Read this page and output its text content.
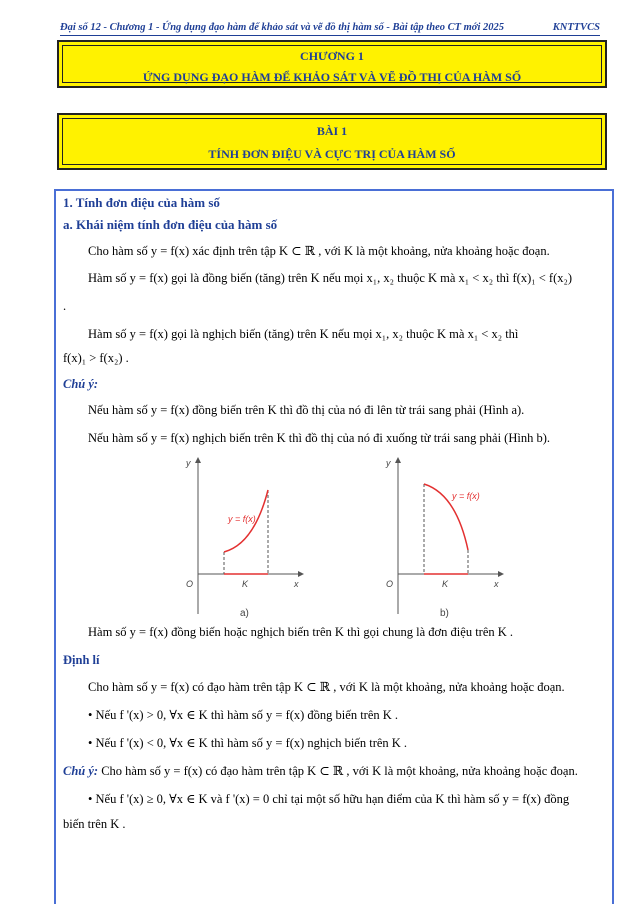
Đại số 12 - Chương 1 - Ứng dụng đạo hàm để khảo sát và vẽ đồ thị hàm số - Bài tập theo CT mới 2025	KNTTVCS
CHƯƠNG 1
ỨNG DỤNG ĐẠO HÀM ĐỂ KHẢO SÁT VÀ VẼ ĐỒ THỊ CỦA HÀM SỐ
BÀI 1
TÍNH ĐƠN ĐIỆU VÀ CỰC TRỊ CỦA HÀM SỐ
1. Tính đơn điệu của hàm số
a. Khái niệm tính đơn điệu của hàm số
Cho hàm số y = f(x) xác định trên tập K ⊂ ℝ , với K là một khoảng, nửa khoảng hoặc đoạn.
Hàm số y = f(x) gọi là đồng biến (tăng) trên K nếu mọi x₁, x₂ thuộc K mà x₁ < x₂ thì f(x)₁ < f(x₂)
.
Hàm số y = f(x) gọi là nghịch biến (tăng) trên K nếu mọi x₁, x₂ thuộc K mà x₁ < x₂ thì
f(x)₁ > f(x₂) .
Chú ý:
Nếu hàm số y = f(x) đồng biến trên K thì đồ thị của nó đi lên từ trái sang phải (Hình a).
Nếu hàm số y = f(x) nghịch biến trên K thì đồ thị của nó đi xuống từ trái sang phải (Hình b).
y = f(x)
y
x
O	K
a)
y = f(x)
y
x
O	K
b)
Hàm số y = f(x) đồng biến hoặc nghịch biến trên K thì gọi chung là đơn điệu trên K .
Định lí
Cho hàm số y = f(x) có đạo hàm trên tập K ⊂ ℝ , với K là một khoảng, nửa khoảng hoặc đoạn.
• Nếu f '(x) > 0, ∀x ∈ K thì hàm số y = f(x) đồng biến trên K .
• Nếu f '(x) < 0, ∀x ∈ K thì hàm số y = f(x) nghịch biến trên K .
Chú ý: Cho hàm số y = f(x) có đạo hàm trên tập K ⊂ ℝ , với K là một khoảng, nửa khoảng hoặc đoạn.
• Nếu f '(x) ≥ 0, ∀x ∈ K và f '(x) = 0 chỉ tại một số hữu hạn điểm của K thì hàm số y = f(x) đồng
biến trên K .
